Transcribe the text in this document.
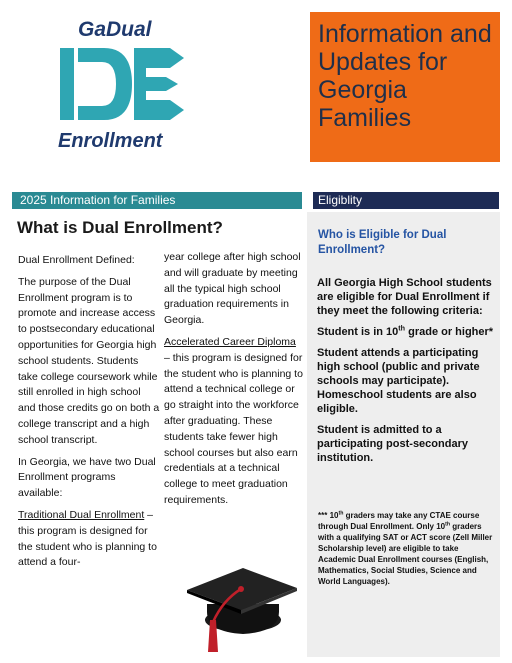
GaDual
Enrollment
Information and Updates for Georgia Families
2025 Information for Families	Eligiblity
What is Dual Enrollment?

Dual Enrollment Defined:

The purpose of the Dual Enrollment program is to promote and increase access to postsecondary educational opportunities for Georgia high school students. Students take college coursework while still enrolled in high school and those credits go on both a college transcript and a high school transcript.

In Georgia, we have two Dual Enrollment programs available:

Traditional Dual Enrollment – this program is designed for the student who is planning to attend a four-

year college after high school and will graduate by meeting all the typical high school graduation requirements in Georgia.

Accelerated Career Diploma – this program is designed for the student who is planning to attend a technical college or go straight into the workforce after graduating. These students take fewer high school courses but also earn credentials at a technical college to meet graduation requirements.

Who is Eligible for Dual Enrollment?

All Georgia High School students are eligible for Dual Enrollment if they meet the following criteria:

Student is in 10th grade or higher*

Student attends a participating high school (public and private schools may participate). Homeschool students are also eligible.

Student is admitted to a participating post-secondary institution.

*** 10th graders may take any CTAE course through Dual Enrollment. Only 10th graders with a qualifying SAT or ACT score (Zell Miller Scholarship level) are eligible to take Academic Dual Enrollment courses (English, Mathematics, Social Studies, Science and World Languages).
